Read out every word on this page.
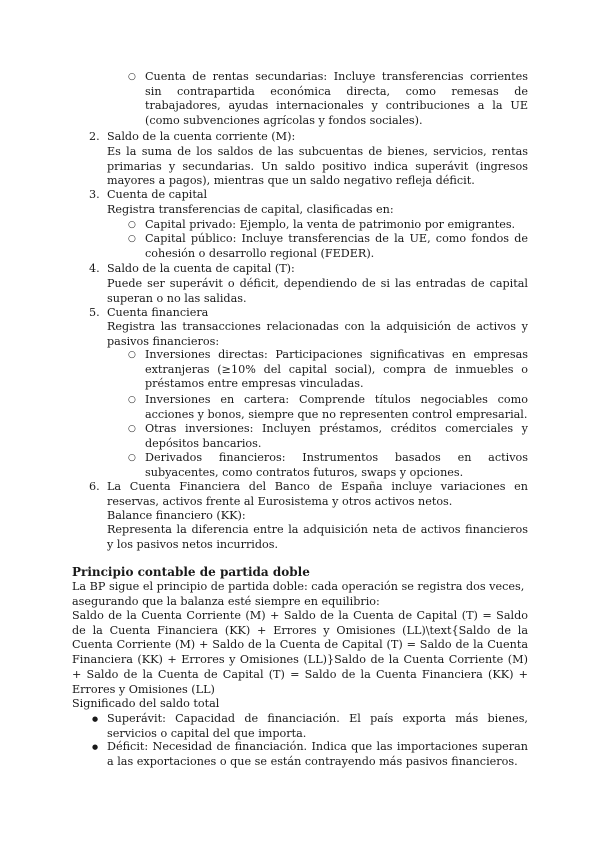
○ Cuenta de rentas secundarias: Incluye transferencias corrientes sin contrapartida económica directa, como remesas de trabajadores, ayudas internacionales y contribuciones a la UE (como subvenciones agrícolas y fondos sociales).

2. Saldo de la cuenta corriente (M):

Es la suma de los saldos de las subcuentas de bienes, servicios, rentas primarias y secundarias. Un saldo positivo indica superávit (ingresos mayores a pagos), mientras que un saldo negativo refleja déficit.

3. Cuenta de capital

Registra transferencias de capital, clasificadas en:

○ Capital privado: Ejemplo, la venta de patrimonio por emigrantes.

○ Capital público: Incluye transferencias de la UE, como fondos de cohesión o desarrollo regional (FEDER).

4. Saldo de la cuenta de capital (T):

Puede ser superávit o déficit, dependiendo de si las entradas de capital superan o no las salidas.

5. Cuenta financiera

Registra las transacciones relacionadas con la adquisición de activos y pasivos financieros:

○ Inversiones directas: Participaciones significativas en empresas extranjeras (≥10% del capital social), compra de inmuebles o préstamos entre empresas vinculadas.

○ Inversiones en cartera: Comprende títulos negociables como acciones y bonos, siempre que no representen control empresarial.

○ Otras inversiones: Incluyen préstamos, créditos comerciales y depósitos bancarios.

○ Derivados financieros: Instrumentos basados en activos subyacentes, como contratos futuros, swaps y opciones.

6. La Cuenta Financiera del Banco de España incluye variaciones en reservas, activos frente al Eurosistema y otros activos netos.

Balance financiero (KK):

Representa la diferencia entre la adquisición neta de activos financieros y los pasivos netos incurridos.

Principio contable de partida doble

La BP sigue el principio de partida doble: cada operación se registra dos veces, asegurando que la balanza esté siempre en equilibrio:

Saldo de la Cuenta Corriente (M) + Saldo de la Cuenta de Capital (T) = Saldo de la Cuenta Financiera (KK) + Errores y Omisiones (LL)\text{Saldo de la Cuenta Corriente (M) + Saldo de la Cuenta de Capital (T) = Saldo de la Cuenta Financiera (KK) + Errores y Omisiones (LL)}Saldo de la Cuenta Corriente (M) + Saldo de la Cuenta de Capital (T) = Saldo de la Cuenta Financiera (KK) + Errores y Omisiones (LL)

Significado del saldo total

● Superávit: Capacidad de financiación. El país exporta más bienes, servicios o capital del que importa.

● Déficit: Necesidad de financiación. Indica que las importaciones superan a las exportaciones o que se están contrayendo más pasivos financieros.
